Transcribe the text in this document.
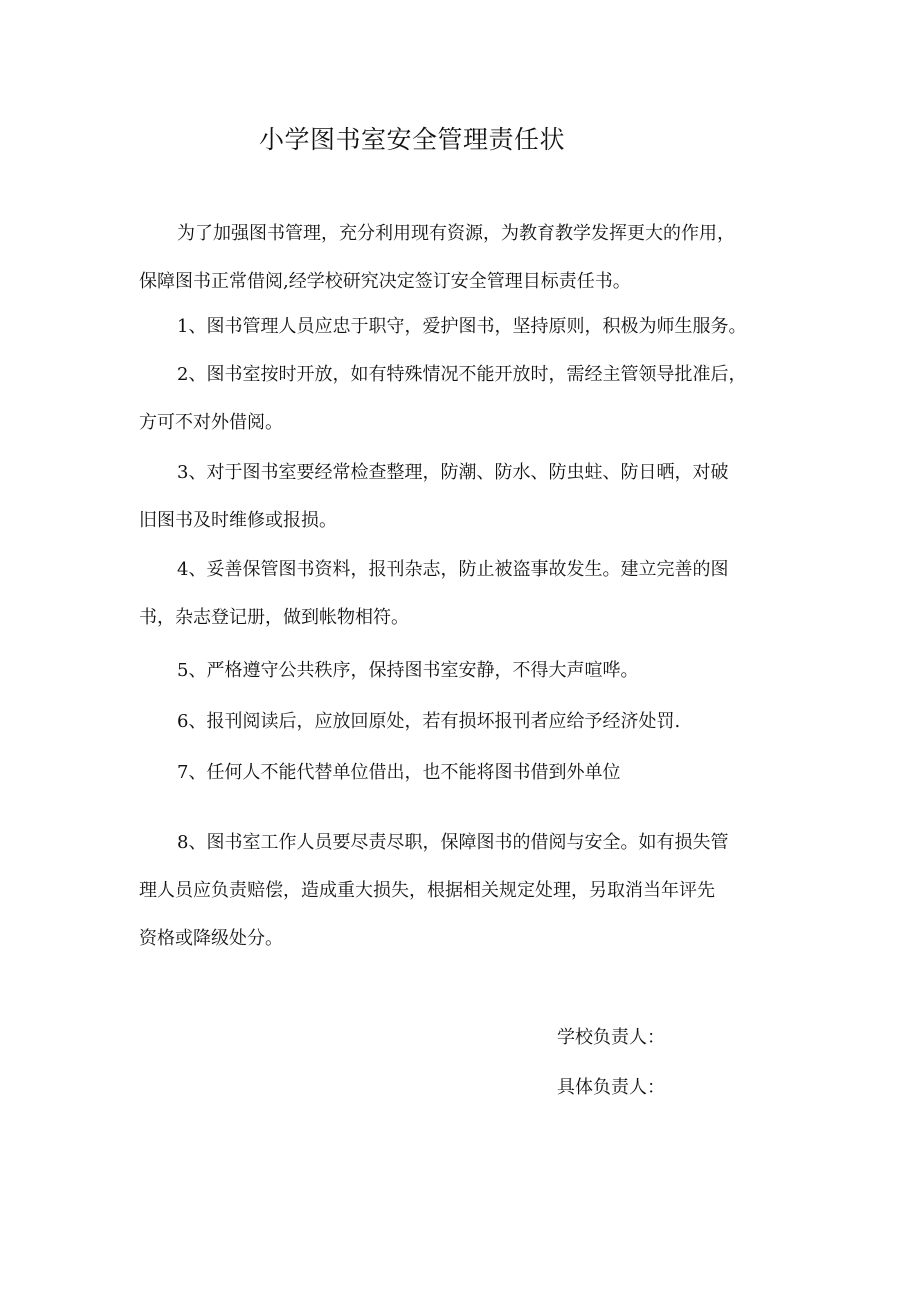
小学图书室安全管理责任状

为了加强图书管理，充分利用现有资源，为教育教学发挥更大的作用，
保障图书正常借阅,经学校研究决定签订安全管理目标责任书。

1、图书管理人员应忠于职守，爱护图书，坚持原则，积极为师生服务。

2、图书室按时开放，如有特殊情况不能开放时，需经主管领导批准后，
方可不对外借阅。

3、对于图书室要经常检查整理，防潮、防水、防虫蛀、防日晒，对破
旧图书及时维修或报损。

4、妥善保管图书资料，报刊杂志，防止被盗事故发生。建立完善的图
书，杂志登记册，做到帐物相符。

5、严格遵守公共秩序，保持图书室安静，不得大声喧哗。

6、报刊阅读后，应放回原处，若有损坏报刊者应给予经济处罚.

7、任何人不能代替单位借出，也不能将图书借到外单位

8、图书室工作人员要尽责尽职，保障图书的借阅与安全。如有损失管
理人员应负责赔偿，造成重大损失，根据相关规定处理，另取消当年评先
资格或降级处分。

学校负责人：
具体负责人：
